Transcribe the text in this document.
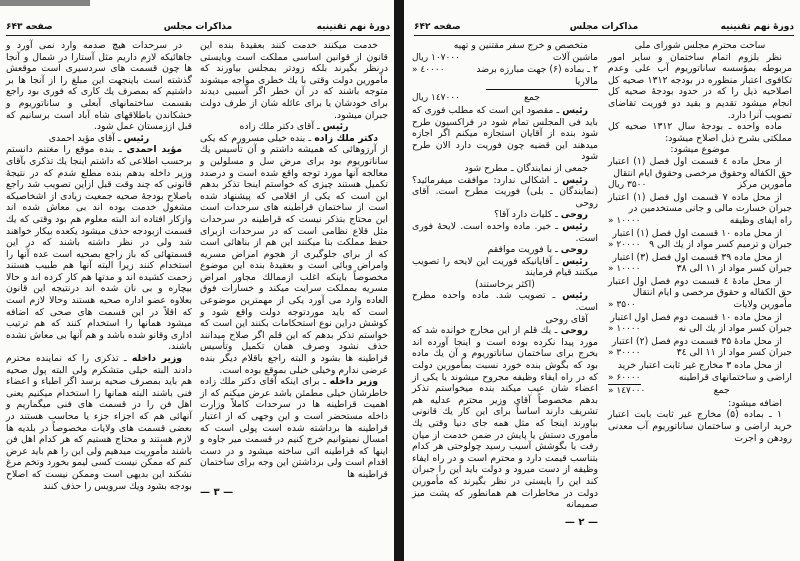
دورهٔ نهم تقنینیه
مذاکرات مجلس
صفحه ۶۴۳
خدمت میکنند خدمت کنند بعقیدهٔ بنده این قانون از قوانین اساسی مملکت است وبایستی درنظر بگیرند بلکه زودتر بمجلس بیاورند که مأمورین دولت وقتی با یك خطری مواجه میشوند متوجه باشند که در آن خطر اگر آسیبی دیدند برای خودشان یا برای عائله شان از طرف دولت جبران میشود.
رئیس ـ آقای دکتر ملك زاده
دکتر ملك زاده ـ بنده خیلی مسرورم که یکی از آرزوهائی که همیشه داشتم و آن تأسیس یك ساناتوریوم بود برای مرض سل و مسلولین و معالجه آنها مورد توجه واقع شده است و درصدد تکمیل هستند چیزی که خواستم اینجا تذکر بدهم این است که یکی از اقلامی که پیشنهاد شده است از ساختمان قراطینه های سرحدات است این محتاج بتذکر نیست که قراطینه در سرحدات مثل قلاع نظامی است که در سرحدات ازبرای حفظ مملکت بنا میکنند این هم از بناهائی است که از برای جلوگیری از هجوم امراض مسریه وامراض وبائی است و بعقیدهٔ بنده این موضوع مخصوصاً باینکه اغلب ازممالك مجاور امراض مسریه بمملکت سرایت میکند و خسارات فوق العاده وارد می آورد یکی از مهمترین موضوعی است که باید موردتوجه دولت واقع شود و کوشش دراین نوع استحکامات بکنند این است که خواستم تذکر بدهم که این قلم اگر صلاح میدانند حذف نشود وصرف همان تکمیل وتأسیس قراطینه ها بشود و البته راجع باقلام دیگر بنده عرضی ندارم وخیلی خیلی بموقع بوده است.
وزیر داخله ـ برای اینکه آقای دکتر ملك زاده خاطرشان خیلی مطمئن باشد عرض میکنم که از اهمیت قراطینه ها در سرحدات کاملاً وزارت داخله مستحضر است و این وجهی که از اعتبار قراطینه ها برداشته شده است پولی است که امسال نمیتوانیم خرج کنیم در قسمت میر جاوه و اینها که قراطینه ائی ساخته میشود و در دست اقدام است ولی برداشتن این وجه برای ساختمان قراطینه ها
— ۳ —
در سرحدات هیچ صدمه وارد نمی آورد و جاهائیکه لازم داریم مثل آستارا در شمال و آنجا ها چون قسمت های سردسیری است موقعش گذشته است باینجهت این مبلغ را از آنجا ها بر داشتیم که بمصرف یك کاری که فوری بود راجع بقسمت ساختمانهای آبعلی و ساناتوریوم و خشکاندن باطلاقهای شاه آباد است برسانیم که قبل اززمستان عمل شود.
رئیس ـ آقای مؤید احمدی
مؤید احمدی ـ بنده موقع را مغتنم دانستم برحسب اطلاعی که داشتم اینجا یك تذکری بآقای وزیر داخله بدهم بنده مطلع شدم که در نتیجهٔ قانونی که چند وقت قبل ازاین تصویب شد راجع باصلاح بودجهٔ صحیه جمعیت زیادی از اشخاصیکه مشغول خدمت بوده اند بی معاش شده اند وازکار افتاده اند البته معلوم هم بود وقتی که یك قسمت ازبودجه حذف میشود یکعده بیکار خواهند شد ولی در نظر داشته باشند که در این قسمتهائی که باز راجع بصحیه است عده آنها را استخدام کنند زیرا البته آنها هم طبیب هستند زحمت کشیده اند و مدتها هم کار کرده اند و حالا بیچاره و بی نان شده اند درنتیجه این قانون بعلاوه عضو اداره صحیه هستند وحالا لازم است که اقلاً در این قسمت های صحی که اضافه میشود همانها را استخدام کنند که هم ترتیب اداری وقانو شده باشد و هم آنها بی معاش نشده باشند.
وزیر داخله ـ تذکری را که نماینده محترم دادند البته خیلی متشکرم ولی البته پول صحیه هم باید بمصرف صحیه برسد اگر اطباء و اعضاء فنی باشند البته همانها را استخدام میکنیم یعنی اهل فن را در قسمت های فنی میگماریم و آنهائی هم که اجزاء جزء یا محاسب هستند در بعضی قسمت های ولایات مخصوصاً در بلدیه ها لازم هستند و محتاج هستیم که هر کدام اهل فن باشند مأموریت میدهیم ولی این را هم باید عرض کنم که ممکن نیست کسی لیمو بخورد وتخم مرغ نشکند این بدیهی است وممکن نیست که اصلاح بودجه بشود ویك سرویس را حذف کنند
دورهٔ نهم تقنینیه
مذاکرات مجلس
صفحه ۶۴۲
ساحت محترم مجلس شورای ملی
نظر بلزوم اتمام ساختمان و سایر امور مربوطه بمؤسسه ساناتوریوم آب علی وعدم تکافوی اعتبار منظوره در بودجه ۱۳۱۲ صحیه کل اصلاحیه ذیل را که در حدود بودجهٔ صحیه کل انجام میشود تقدیم و بقید دو فوریت تقاضای تصویب آنرا دارد.
ماده واحده ـ بودجهٔ سال ۱۳۱۲ صحیه کل مملکتی بشرح ذیل اصلاح میشود:
موضوع میشود:
از محل ماده ٤ قسمت اول فصل (۱) اعتبار حق الکفاله وحقوق مرخصی وحقوق ایام انتقال
مأمورین مرکز
۳۵۰۰ ریال
از محل ماده ۷ قسمت اول فصل (۱) اعتبار جبران خسارت مالی و جانی مستخدمین در
راه ایفای وظیفه
۱۰۰۰۰ «
از محل ماده ۱۰ قسمت اول فصل (۱) اعتبار
جبران و ترمیم کسر مواد از یك الی ۹
۲۰۰۰۰ «
از محل ماده ۳۹ قسمت اول فصل (۳) اعتبار
جبران کسر مواد از ۱۱ الی ۳۸
۱۰۰۰۰ «
از محل مادهٔ ٤ قسمت دوم فصل اول اعتبار حق الکفاله و حقوق مرخصی و ایام انتقال
مأمورین ولایات
۳۵۰۰ «
از محل ماده ۱۰ قسمت دوم فصل اول اعتبار
جبران کسر مواد از یك الی نه
۱۰۰۰۰ «
از محل مادهٔ ۳۵ قسمت دوم فصل (۲) اعتبار
جبران کسر مواد از ۱۱ الی ۳٤
۳۰۰۰۰ «
از محل ماده ۳ مخارج غیر ثابت اعتبار خرید
اراضی و ساختمانهای قراطینه
۶۰۰۰۰ «
جمع
۱٤۷۰۰۰ «
اضافه میشود:
۱ ـ بماده (۵) مخارج غیر ثابت بابت اعتبار خرید اراضی و ساختمان ساناتوریوم آب معدنی رودهن و اجرت
متخصص و خرج سفر مقتنین و تهیه
ماشین آلات
۱۰۷۰۰۰ ریال
۲ ـ بماده (۶) جهت مبارزه برضد مالاریا
٤۰۰۰۰ «
جمع
۱٤۷۰۰۰ ریال
رئیس ـ مقصود این است که مطلب فوری که باید فی المجلس تمام شود در فراکسیون طرح شود بنده از آقایان استجازه میکنم اگر اجازه میدهند این قضیه چون فوریت دارد الان طرح شود
جمعی از نمایندگان ـ مطرح شود
رئیس ـ اشکالی ندارد: موافقت میفرمائید؟ (نمایندگان ـ بلی) فوریت مطرح است. آقای روحی
روحی ـ کلیات دارد آقا؟
رئیس ـ خیر. ماده واحده است. لایحهٔ فوری است.
روحی ـ با فوریت موافقم
رئیس ـ آقایانیکه فوریت این لایحه را تصویب میکنند قیام فرمایند
(اکثر برخاستند)
رئیس ـ تصویب شد. ماده واحده مطرح است.
آقای روحی
روحی ـ یك قلم از این مخارج خوانده شد که مورد پیدا نکرده بوده است و اینجا آورده اند بخرج برای ساختمان ساناتوریوم و آن یك ماده بود که بگوش بنده خورد نسبت بمأمورین دولت که در راه ایفاء وظیفه مجروح میشوند یا یکی از اعضاء شان عیب میکند بنده میخواستم تذکر بدهم مخصوصاً آقای وزیر محترم عدلیه هم تشریف دارند اساساً برای این کار یك قانونی بیاورند اینجا که مثل همه جای دنیا وقتی یك مأموری دستش یا پایش در ضمن خدمت از میان رفت یا بگوشش آسیب رسید چولوحتی هر کدام بتناسب قیمت دارد و محترم است و در راه ایفاء وظیفه از دست میرود و دولت باید این را جبران کند این را بایستی در نظر بگیرند که مأمورین دولت در مخاطرات هم همانطور که پشت میز صمیمانه
— ۲ —
